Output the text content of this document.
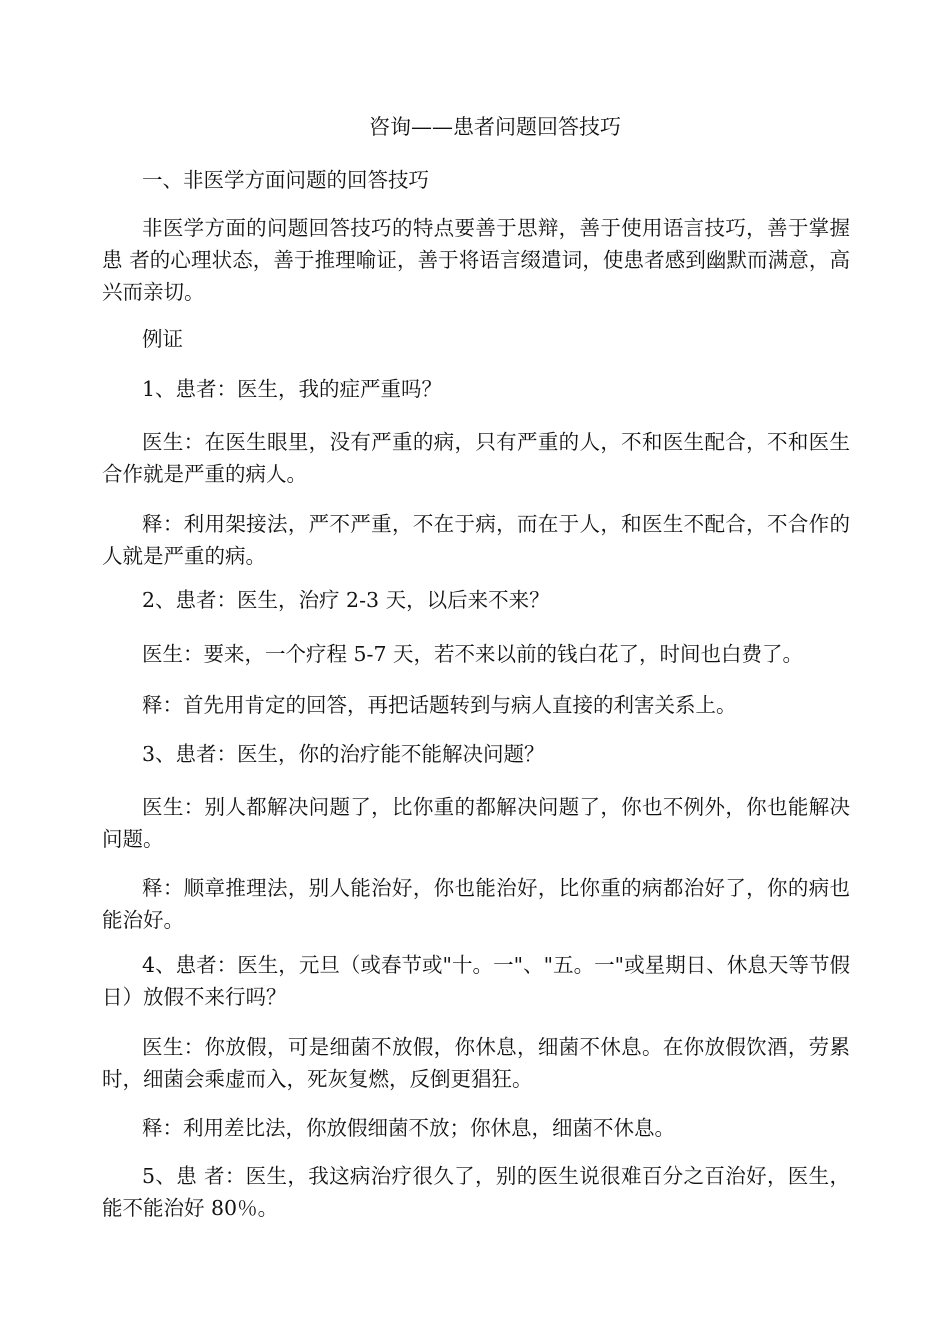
咨询——患者问题回答技巧

一、非医学方面问题的回答技巧

非医学方面的问题回答技巧的特点要善于思辩，善于使用语言技巧，善于掌握患 者的心理状态，善于推理喻证，善于将语言缀遣词，使患者感到幽默而满意，高兴而亲切。

例证

1、患者：医生，我的症严重吗？

医生：在医生眼里，没有严重的病，只有严重的人，不和医生配合，不和医生合作就是严重的病人。

释：利用架接法，严不严重，不在于病，而在于人，和医生不配合，不合作的人就是严重的病。

2、患者：医生，治疗 2-3 天，以后来不来？

医生：要来，一个疗程 5-7 天，若不来以前的钱白花了，时间也白费了。

释：首先用肯定的回答，再把话题转到与病人直接的利害关系上。

3、患者：医生，你的治疗能不能解决问题？

医生：别人都解决问题了，比你重的都解决问题了，你也不例外，你也能解决问题。

释：顺章推理法，别人能治好，你也能治好，比你重的病都治好了，你的病也能治好。

4、患者：医生，元旦（或春节或"十。一"、"五。一"或星期日、休息天等节假日）放假不来行吗？

医生：你放假，可是细菌不放假，你休息，细菌不休息。在你放假饮酒，劳累时，细菌会乘虚而入，死灰复燃，反倒更猖狂。

释：利用差比法，你放假细菌不放；你休息，细菌不休息。

5、患 者：医生，我这病治疗很久了，别的医生说很难百分之百治好，医生，能不能治好 80％。
